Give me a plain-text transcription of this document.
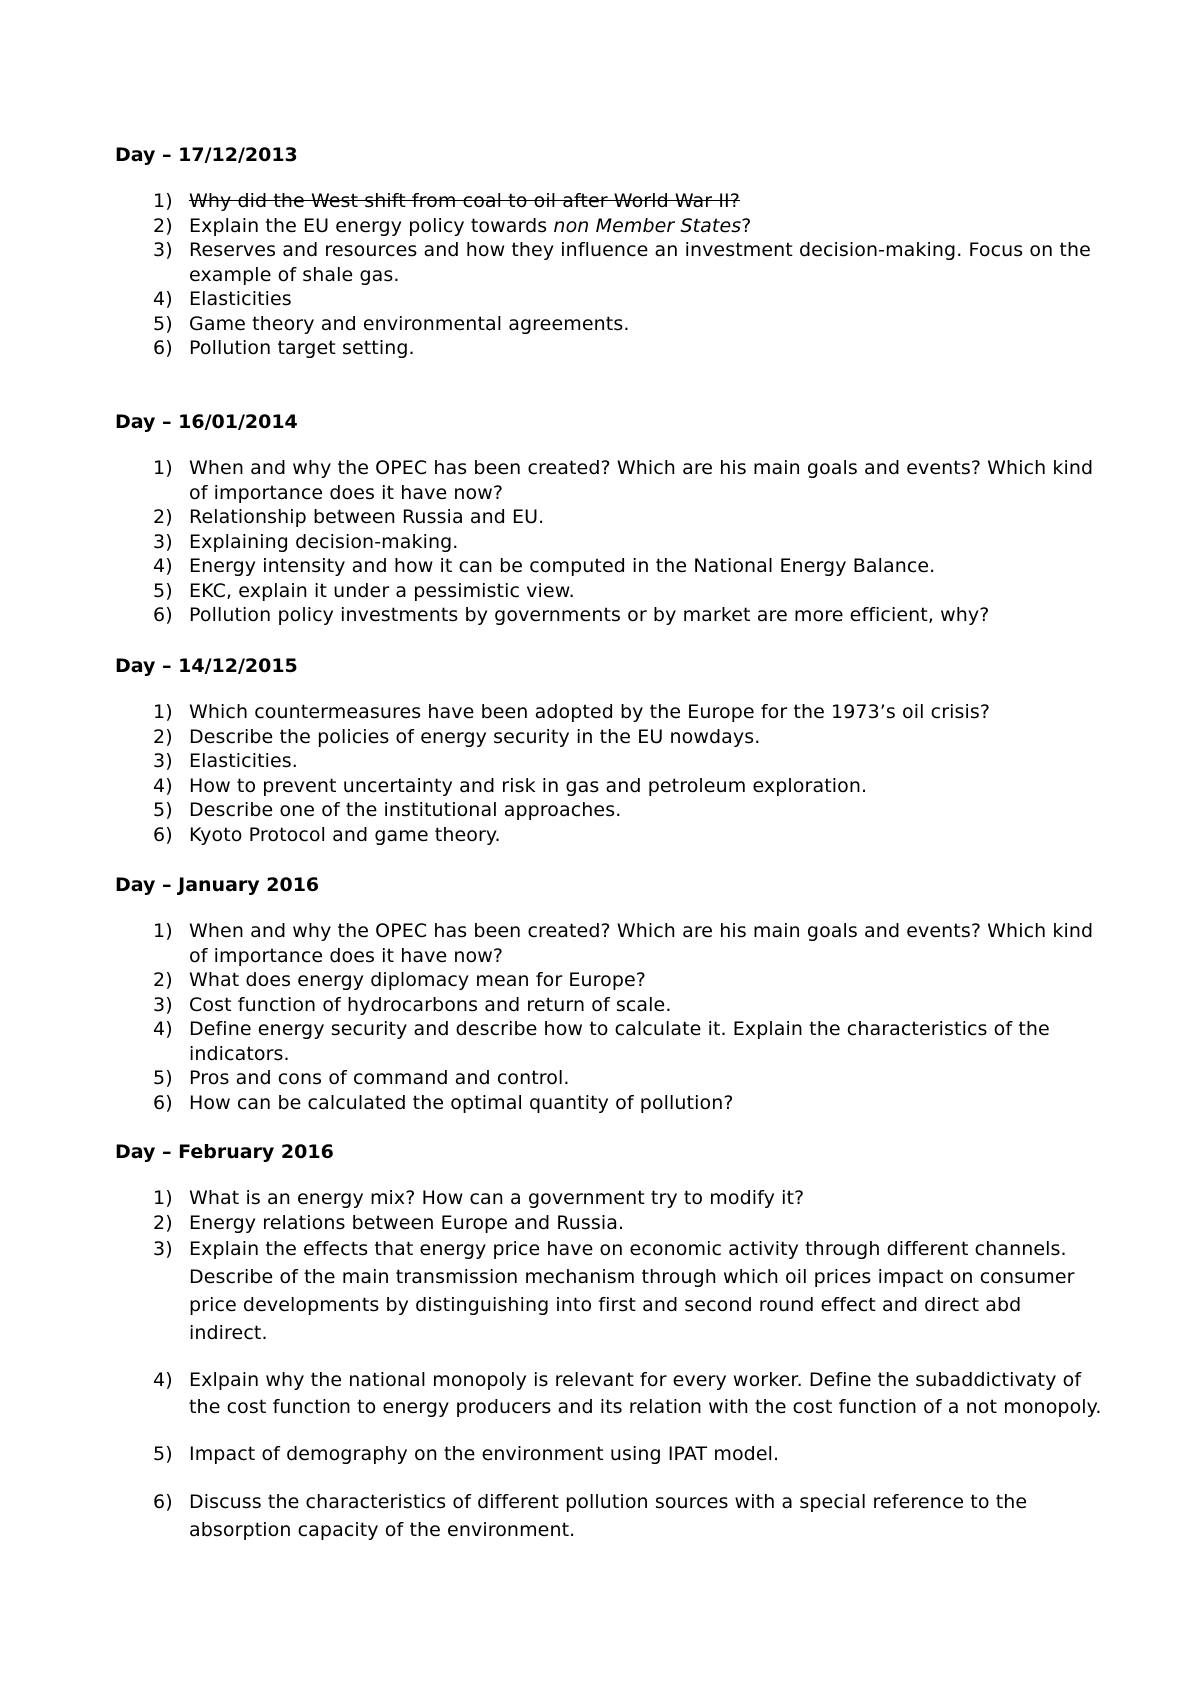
Day – 17/12/2013
1) Why did the West shift from coal to oil after World War II?
2) Explain the EU energy policy towards non Member States?
3) Reserves and resources and how they influence an investment decision-making. Focus on the example of shale gas.
4) Elasticities
5) Game theory and environmental agreements.
6) Pollution target setting.
Day – 16/01/2014
1) When and why the OPEC has been created? Which are his main goals and events? Which kind of importance does it have now?
2) Relationship between Russia and EU.
3) Explaining decision-making.
4) Energy intensity and how it can be computed in the National Energy Balance.
5) EKC, explain it under a pessimistic view.
6) Pollution policy investments by governments or by market are more efficient, why?
Day – 14/12/2015
1) Which countermeasures have been adopted by the Europe for the 1973’s oil crisis?
2) Describe the policies of energy security in the EU nowdays.
3) Elasticities.
4) How to prevent uncertainty and risk in gas and petroleum exploration.
5) Describe one of the institutional approaches.
6) Kyoto Protocol and game theory.
Day – January 2016
1) When and why the OPEC has been created? Which are his main goals and events? Which kind of importance does it have now?
2) What does energy diplomacy mean for Europe?
3) Cost function of hydrocarbons and return of scale.
4) Define energy security and describe how to calculate it. Explain the characteristics of the indicators.
5) Pros and cons of command and control.
6) How can be calculated the optimal quantity of pollution?
Day – February 2016
1) What is an energy mix? How can a government try to modify it?
2) Energy relations between Europe and Russia.
3) Explain the effects that energy price have on economic activity through different channels. Describe of the main transmission mechanism through which oil prices impact on consumer price developments by distinguishing into first and second round effect and direct abd indirect.
4) Exlpain why the national monopoly is relevant for every worker. Define the subaddictivaty of the cost function to energy producers and its relation with the cost function of a not monopoly.
5) Impact of demography on the environment using IPAT model.
6) Discuss the characteristics of different pollution sources with a special reference to the absorption capacity of the environment.
